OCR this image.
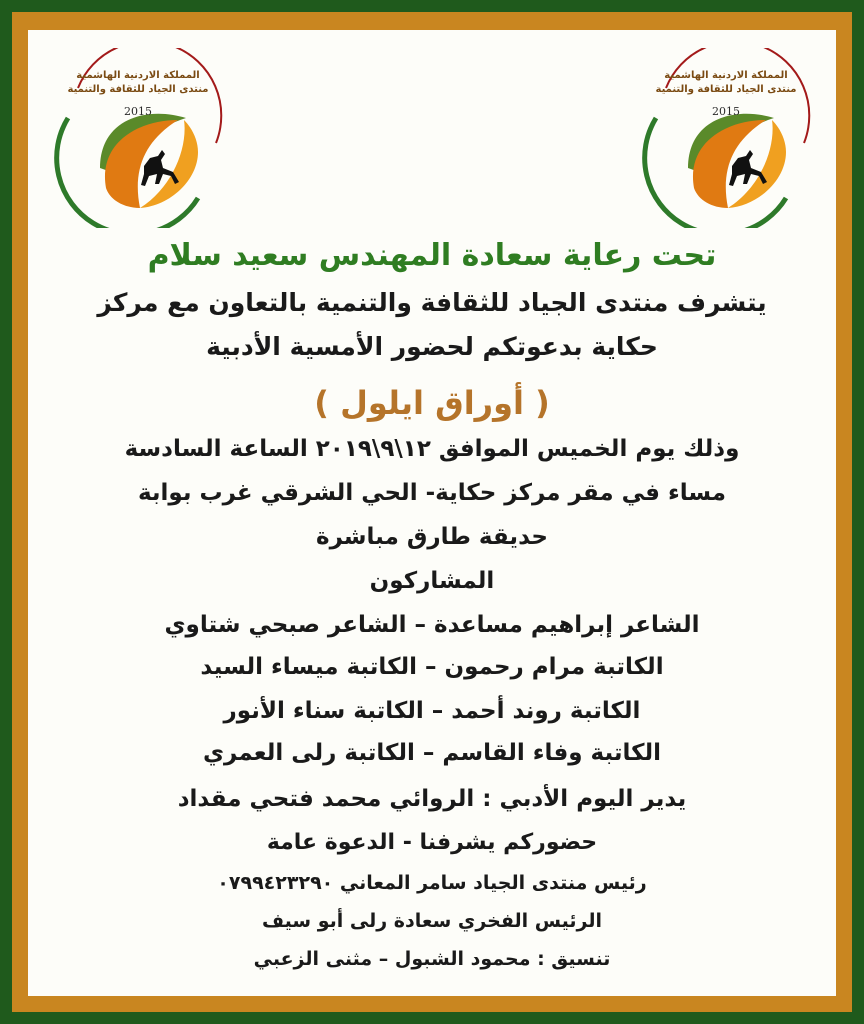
المملكة الاردنية الهاشمية
منتدى الجياد للثقافة والتنمية
2015
المملكة الاردنية الهاشمية
منتدى الجياد للثقافة والتنمية
2015
تحت رعاية سعادة المهندس سعيد سلام
يتشرف منتدى الجياد للثقافة والتنمية بالتعاون مع مركز
حكاية بدعوتكم لحضور الأمسية الأدبية
( أوراق ايلول )
وذلك يوم الخميس الموافق ١٢\٩\٢٠١٩ الساعة السادسة
مساء في مقر مركز حكاية- الحي الشرقي غرب بوابة
حديقة طارق مباشرة
المشاركون
الشاعر إبراهيم مساعدة – الشاعر صبحي شتاوي
الكاتبة مرام رحمون – الكاتبة ميساء السيد
الكاتبة روند أحمد – الكاتبة سناء الأنور
الكاتبة وفاء القاسم – الكاتبة رلى العمري
يدير اليوم الأدبي : الروائي محمد فتحي مقداد
حضوركم يشرفنا - الدعوة عامة
رئيس منتدى الجياد سامر المعاني ٠٧٩٩٤٢٣٢٩٠
الرئيس الفخري سعادة رلى أبو سيف
تنسيق : محمود الشبول – مثنى الزعبي
